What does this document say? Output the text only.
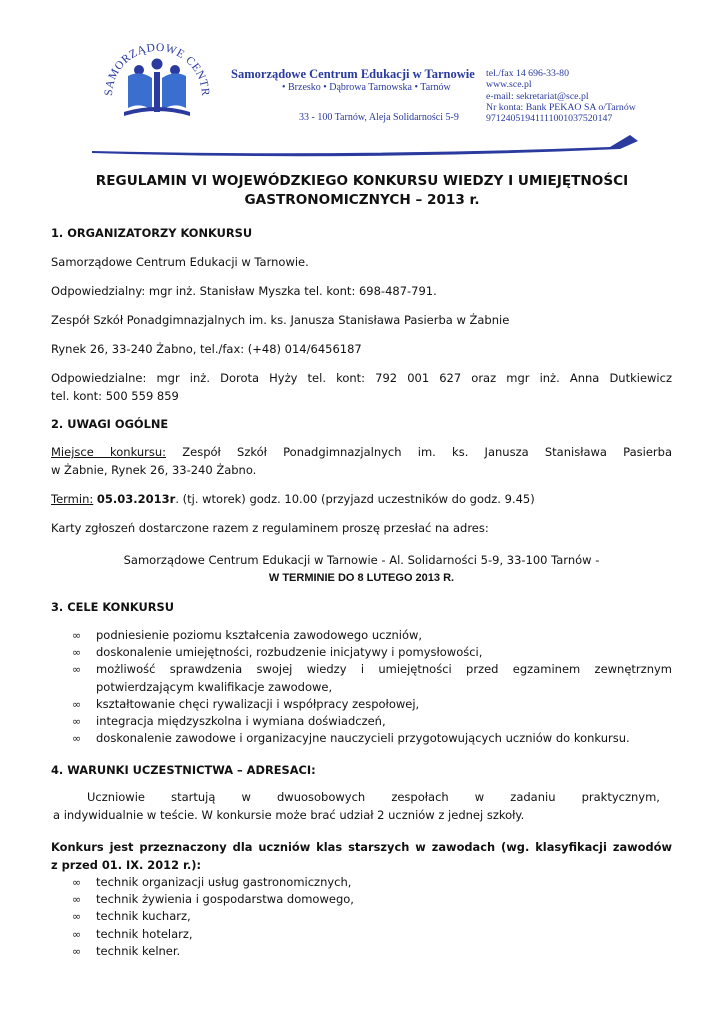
SAMORZĄDOWE CENTR
Samorządowe Centrum Edukacji w Tarnowie
• Brzesko • Dąbrowa Tarnowska • Tarnów
33 - 100 Tarnów, Aleja Solidarności 5-9
tel./fax 14 696-33-80
www.sce.pl
e-mail: sekretariat@sce.pl
Nr konta: Bank PEKAO SA o/Tarnów
97124051941111001037520147
REGULAMIN VI WOJEWÓDZKIEGO KONKURSU WIEDZY I UMIEJĘTNOŚCI
GASTRONOMICZNYCH – 2013 r.
1. ORGANIZATORZY KONKURSU
Samorządowe Centrum Edukacji w Tarnowie.
Odpowiedzialny: mgr inż. Stanisław Myszka tel. kont: 698-487-791.
Zespół Szkół Ponadgimnazjalnych im. ks. Janusza Stanisława Pasierba w Żabnie
Rynek 26, 33-240 Żabno, tel./fax: (+48) 014/6456187
Odpowiedzialne: mgr inż. Dorota Hyży tel. kont: 792 001 627 oraz mgr inż. Anna Dutkiewicz
tel. kont: 500 559 859
2. UWAGI OGÓLNE
Miejsce konkursu: Zespół Szkół Ponadgimnazjalnych im. ks. Janusza Stanisława Pasierba
w Żabnie, Rynek 26, 33-240 Żabno.
Termin: 05.03.2013r. (tj. wtorek) godz. 10.00 (przyjazd uczestników do godz. 9.45)
Karty zgłoszeń dostarczone razem z regulaminem proszę przesłać na adres:
Samorządowe Centrum Edukacji w Tarnowie - Al. Solidarności 5-9, 33-100 Tarnów -
W TERMINIE DO 8 LUTEGO 2013 R.
3. CELE KONKURSU
∞ podniesienie poziomu kształcenia zawodowego uczniów,
∞ doskonalenie umiejętności, rozbudzenie inicjatywy i pomysłowości,
∞ możliwość sprawdzenia swojej wiedzy i umiejętności przed egzaminem zewnętrznym
potwierdzającym kwalifikacje zawodowe,
∞ kształtowanie chęci rywalizacji i współpracy zespołowej,
∞ integracja międzyszkolna i wymiana doświadczeń,
∞ doskonalenie zawodowe i organizacyjne nauczycieli przygotowujących uczniów do konkursu.
4. WARUNKI UCZESTNICTWA – ADRESACI:
Uczniowie startują w dwuosobowych zespołach w zadaniu praktycznym,
a indywidualnie w teście. W konkursie może brać udział 2 uczniów z jednej szkoły.
Konkurs jest przeznaczony dla uczniów klas starszych w zawodach (wg. klasyfikacji zawodów
z przed 01. IX. 2012 r.):
∞ technik organizacji usług gastronomicznych,
∞ technik żywienia i gospodarstwa domowego,
∞ technik kucharz,
∞ technik hotelarz,
∞ technik kelner.
